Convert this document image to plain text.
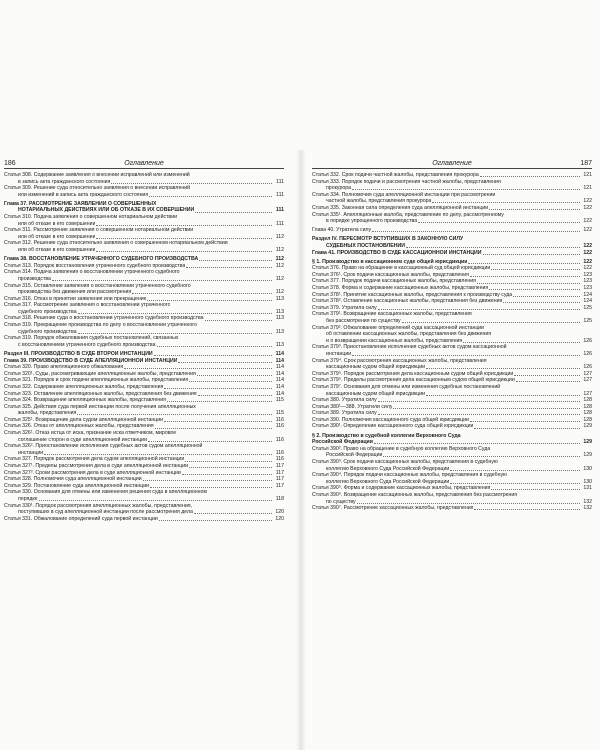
186	Оглавление
Статья 308. Содержание заявления о внесении исправлений или изменений
в запись акта гражданского состояния	111
Статья 309. Решение суда относительно заявления о внесении исправлений
или изменений в запись акта гражданского состояния	111
Глава 37. РАССМОТРЕНИЕ ЗАЯВЛЕНИЙ О СОВЕРШЕННЫХ
НОТАРИАЛЬНЫХ ДЕЙСТВИЯХ ИЛИ ОБ ОТКАЗЕ В ИХ СОВЕРШЕНИИ	111
Статья 310. Подача заявления о совершенном нотариальном действии
или об отказе в его совершении	111
Статья 311. Рассмотрение заявления о совершенном нотариальном действии
или об отказе в его совершении	112
Статья 312. Решение суда относительно заявления о совершенном нотариальном действии
или об отказе в его совершении	112
Глава 38. ВОССТАНОВЛЕНИЕ УТРАЧЕННОГО СУДЕБНОГО ПРОИЗВОДСТВА	112
Статья 313. Порядок восстановления утраченного судебного производства	112
Статья 314. Подача заявления о восстановлении утраченного судебного
производства	112
Статья 315. Оставление заявления о восстановлении утраченного судебного
производства без движения или рассмотрения	112
Статья 316. Отказ в принятии заявления или прекращение	113
Статья 317. Рассмотрение заявления о восстановлении утраченного
судебного производства	113
Статья 318. Решение суда о восстановлении утраченного судебного производства	113
Статья 319. Прекращение производства по делу о восстановлении утраченного
судебного производства	113
Статья 319. Порядок обжалования судебных постановлений, связанных
с восстановлением утраченного судебного производства	113
Раздел III. ПРОИЗВОДСТВО В СУДЕ ВТОРОЙ ИНСТАНЦИИ	114
Глава 39. ПРОИЗВОДСТВО В СУДЕ АПЕЛЛЯЦИОННОЙ ИНСТАНЦИИ	114
Статья 320. Право апелляционного обжалования	114
Статья 320¹. Суды, рассматривающие апелляционные жалобы, представления	114
Статья 321. Порядок и срок подачи апелляционных жалобы, представления	114
Статья 322. Содержание апелляционных жалобы, представления	114
Статья 323. Оставление апелляционных жалобы, представления без движения	114
Статья 324. Возвращение апелляционных жалобы, представления	115
Статья 325. Действия суда первой инстанции после получения апелляционных
жалобы, представления	115
Статья 325¹. Возвращение дела судом апелляционной инстанции	116
Статья 326. Отказ от апелляционных жалобы, представления	116
Статья 326¹. Отказ истца от иска, признание иска ответчиком, мировое
соглашение сторон в суде апелляционной инстанции	116
Статья 326². Приостановление исполнения судебных актов судом апелляционной
инстанции	116
Статья 327. Порядок рассмотрения дела судом апелляционной инстанции	116
Статья 327¹. Пределы рассмотрения дела в суде апелляционной инстанции	117
Статья 327². Сроки рассмотрения дела в суде апелляционной инстанции	117
Статья 328. Полномочия суда апелляционной инстанции	117
Статья 329. Постановление суда апелляционной инстанции	117
Статья 330. Основания для отмены или изменения решения суда в апелляционном
порядке	118
Статья 330¹. Порядок рассмотрения апелляционных жалобы, представления,
поступивших в суд апелляционной инстанции после рассмотрения дела	120
Статья 331. Обжалование определений суда первой инстанции	120
Оглавление	187
Статья 332. Срок подачи частной жалобы, представления прокурора	121
Статья 333. Порядок подачи и рассмотрения частной жалобы, представления
прокурора	121
Статья 334. Полномочия суда апелляционной инстанции при рассмотрении
частной жалобы, представления прокурора	122
Статья 335. Законная сила определения суда апелляционной инстанции	122
Статья 335¹. Апелляционные жалоба, представление по делу, рассмотренному
в порядке упрощенного производства	122
Глава 40. Утратила силу	122
Раздел IV. ПЕРЕСМОТР ВСТУПИВШИХ В ЗАКОННУЮ СИЛУ
СУДЕБНЫХ ПОСТАНОВЛЕНИЙ	122
Глава 41. ПРОИЗВОДСТВО В СУДЕ КАССАЦИОННОЙ ИНСТАНЦИИ	122
§ 1. Производство в кассационном суде общей юрисдикции	122
Статья 376. Право на обращение в кассационный суд общей юрисдикции	122
Статья 376¹. Срок подачи кассационных жалобы, представления	123
Статья 377. Порядок подачи кассационных жалобы, представления	123
Статья 378. Форма и содержание кассационных жалобы, представления	123
Статья 378¹. Принятие кассационных жалобы, представления к производству суда	124
Статья 378². Оставление кассационных жалобы, представления без движения	124
Статья 379. Утратила силу	125
Статья 379¹. Возвращение кассационных жалобы, представления
без рассмотрения по существу	125
Статья 379². Обжалование определений суда кассационной инстанции
об оставлении кассационных жалобы, представления без движения
и о возвращении кассационных жалобы, представления	126
Статья 379³. Приостановление исполнения судебных актов судом кассационной
инстанции	126
Статья 379⁴. Срок рассмотрения кассационных жалобы, представления
кассационным судом общей юрисдикции	126
Статья 379⁵. Порядок рассмотрения дела кассационным судом общей юрисдикции	127
Статья 379⁶. Пределы рассмотрения дела кассационным судом общей юрисдикции	127
Статья 379⁷. Основания для отмены или изменения судебных постановлений
кассационным судом общей юрисдикции	127
Статья 380. Утратила силу	128
Статьи 380¹—388. Утратили силу	128
Статья 389. Утратила силу	128
Статья 390. Полномочия кассационного суда общей юрисдикции	128
Статья 390¹. Определение кассационного суда общей юрисдикции	129
§ 2. Производство в судебной коллегии Верховного Суда
Российской Федерации	129
Статья 390². Право на обращение в судебную коллегию Верховного Суда
Российской Федерации	129
Статья 390³. Срок подачи кассационных жалобы, представления в судебную
коллегию Верховного Суда Российской Федерации	130
Статья 390⁴. Порядок подачи кассационных жалобы, представления в судебную
коллегию Верховного Суда Российской Федерации	130
Статья 390⁵. Форма и содержание кассационных жалобы, представления	131
Статья 390⁶. Возвращение кассационных жалобы, представления без рассмотрения
по существу	132
Статья 390⁷. Рассмотрение кассационных жалобы, представления	132
